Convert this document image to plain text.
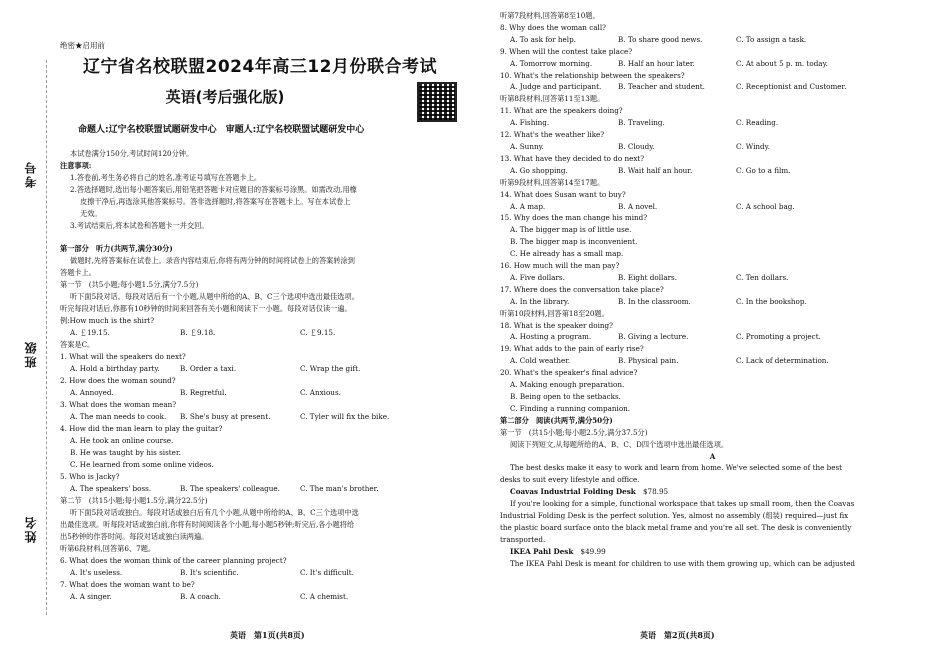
考号
班级
姓名
绝密★启用前
辽宁省名校联盟2024年高三12月份联合考试
英语(考后强化版)
命题人:辽宁名校联盟试题研发中心　审题人:辽宁名校联盟试题研发中心
本试卷满分150分,考试时间120分钟。
注意事项:
1.答卷前,考生务必将自己的姓名,准考证号填写在答题卡上。
2.答选择题时,选出每小题答案后,用铅笔把答题卡对应题目的答案标号涂黑。如需改动,用橡
皮擦干净后,再选涂其他答案标号。答非选择题时,将答案写在答题卡上。写在本试卷上
无效。
3.考试结束后,将本试卷和答题卡一并交回。
第一部分　听力(共两节,满分30分)
做题时,先将答案标在试卷上。录音内容结束后,你将有两分钟的时间将试卷上的答案转涂到
答题卡上。
第一节　(共5小题;每小题1.5分,满分7.5分)
听下面5段对话。每段对话后有一个小题,从题中所给的A、B、C三个选项中选出最佳选项。
听完每段对话后,你都有10秒钟的时间来回答有关小题和阅读下一小题。每段对话仅读一遍。
例:How much is the shirt?
A. ￡19.15.	B. ￡9.18.	C. ￡9.15.
答案是C。
1. What will the speakers do next?
A. Hold a birthday party.	B. Order a taxi.	C. Wrap the gift.
2. How does the woman sound?
A. Annoyed.	B. Regretful.	C. Anxious.
3. What does the woman mean?
A. The man needs to cook.	B. She's busy at present.	C. Tyler will fix the bike.
4. How did the man learn to play the guitar?
A. He took an online course.
B. He was taught by his sister.
C. He learned from some online videos.
5. Who is Jacky?
A. The speakers' boss.	B. The speakers' colleague.	C. The man's brother.
第二节　(共15小题;每小题1.5分,满分22.5分)
听下面5段对话或独白。每段对话或独白后有几个小题,从题中所给的A、B、C三个选项中选
出最佳选项。听每段对话或独白前,你将有时间阅读各个小题,每小题5秒钟;听完后,各小题将给
出5秒钟的作答时间。每段对话或独白读两遍。
听第6段材料,回答第6、7题。
6. What does the woman think of the career planning project?
A. It's useless.	B. It's scientific.	C. It's difficult.
7. What does the woman want to be?
A. A singer.	B. A coach.	C. A chemist.
听第7段材料,回答第8至10题。
8. Why does the woman call?
A. To ask for help.	B. To share good news.	C. To assign a task.
9. When will the contest take place?
A. Tomorrow morning.	B. Half an hour later.	C. At about 5 p. m. today.
10. What's the relationship between the speakers?
A. Judge and participant.	B. Teacher and student.	C. Receptionist and Customer.
听第8段材料,回答第11至13题。
11. What are the speakers doing?
A. Fishing.	B. Traveling.	C. Reading.
12. What's the weather like?
A. Sunny.	B. Cloudy.	C. Windy.
13. What have they decided to do next?
A. Go shopping.	B. Wait half an hour.	C. Go to a film.
听第9段材料,回答第14至17题。
14. What does Susan want to buy?
A. A map.	B. A novel.	C. A school bag.
15. Why does the man change his mind?
A. The bigger map is of little use.
B. The bigger map is inconvenient.
C. He already has a small map.
16. How much will the man pay?
A. Five dollars.	B. Eight dollars.	C. Ten dollars.
17. Where does the conversation take place?
A. In the library.	B. In the classroom.	C. In the bookshop.
听第10段材料,回答第18至20题。
18. What is the speaker doing?
A. Hosting a program.	B. Giving a lecture.	C. Promoting a project.
19. What adds to the pain of early rise?
A. Cold weather.	B. Physical pain.	C. Lack of determination.
20. What's the speaker's final advice?
A. Making enough preparation.
B. Being open to the setbacks.
C. Finding a running companion.
第二部分　阅读(共两节,满分50分)
第一节　(共15小题;每小题2.5分,满分37.5分)
阅读下列短文,从每题所给的A、B、C、D四个选项中选出最佳选项。
A
The best desks make it easy to work and learn from home. We've selected some of the best
desks to suit every lifestyle and office.
Coavas Industrial Folding Desk　 $78.95
If you're looking for a simple, functional workspace that takes up small room, then the Coavas
Industrial Folding Desk is the perfect solution. Yes, almost no assembly (组装) required—just fix
the plastic board surface onto the black metal frame and you're all set. The desk is conveniently
transported.
IKEA Pahl Desk　 $49.99
The IKEA Pahl Desk is meant for children to use with them growing up, which can be adjusted
英语　第1页(共8页)	英语　第2页(共8页)
